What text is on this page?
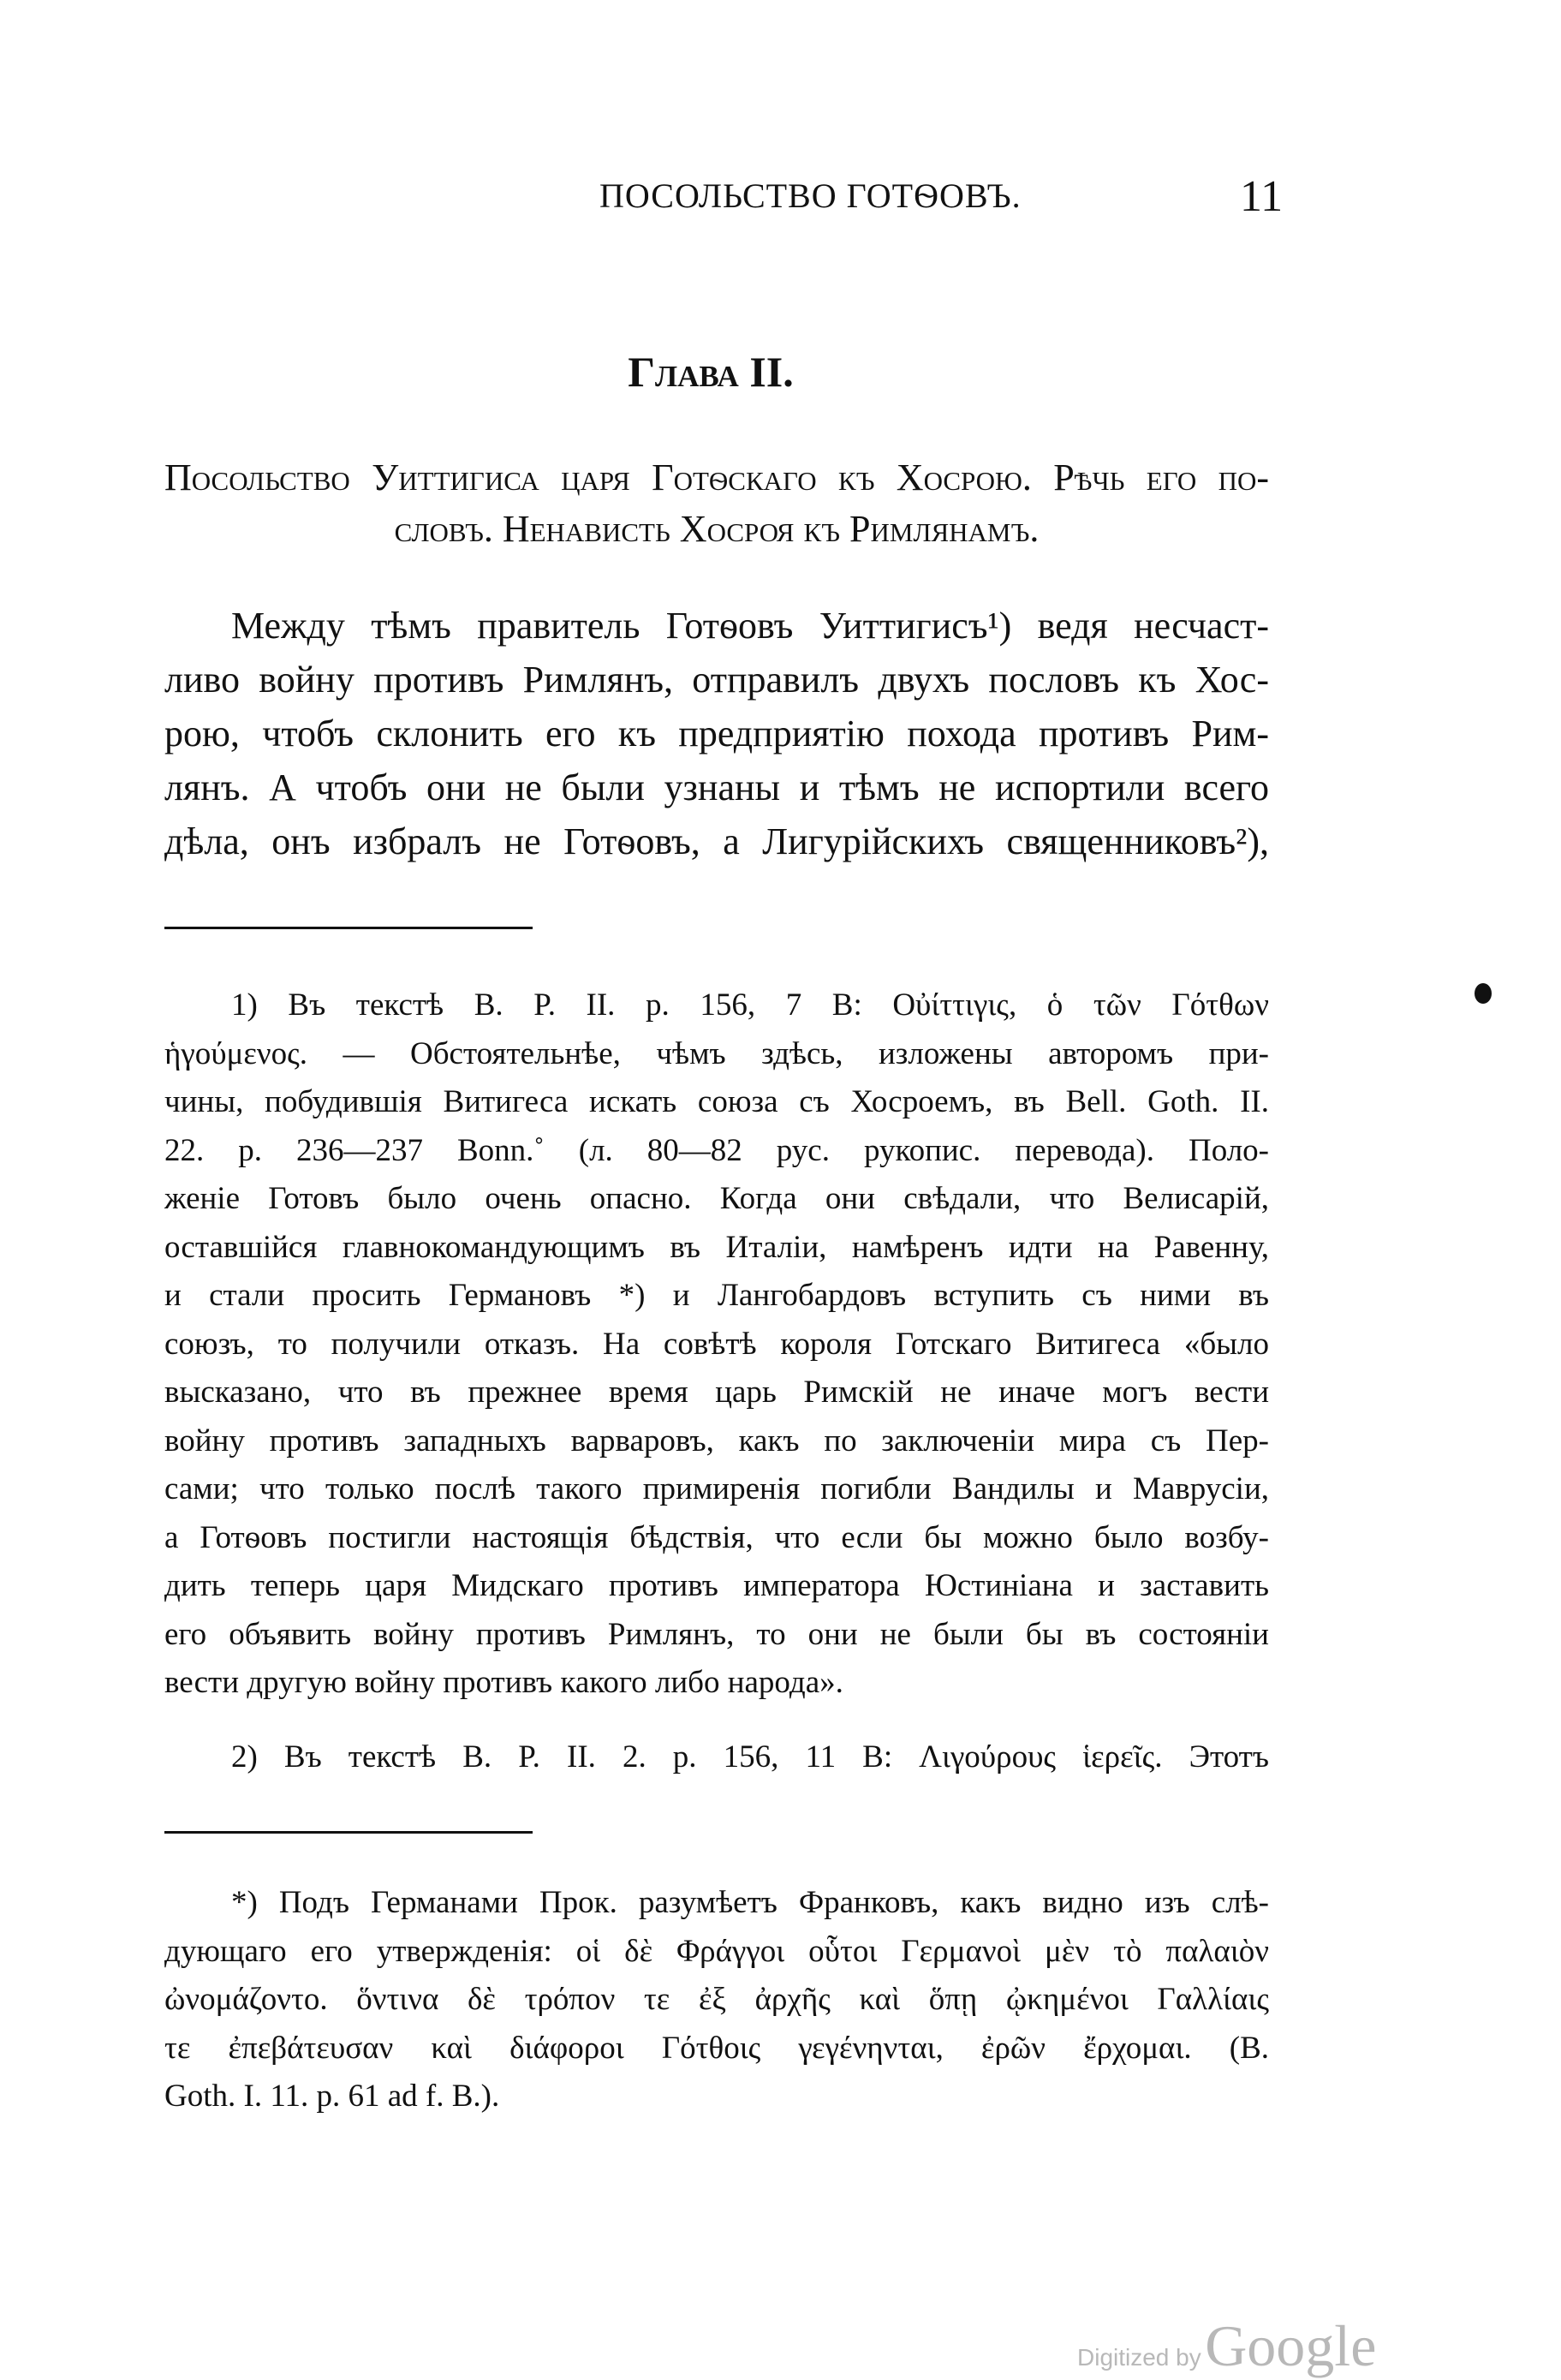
ПОСОЛЬСТВО ГОТѲОВЪ.	11
Глава II.
Посольство Уиттигиса царя Готѳскаго къ Хосрою. Рѣчь его по-
словъ. Ненависть Хосроя къ Римлянамъ.
Между тѣмъ правитель Готѳовъ Уиттигисъ¹) ведя несчаст-
ливо войну противъ Римлянъ, отправилъ двухъ пословъ къ Хос-
рою, чтобъ склонить его къ предприятію похода противъ Рим-
лянъ. А чтобъ они не были узнаны и тѣмъ не испортили всего
дѣла, онъ избралъ не Готѳовъ, а Лигурійскихъ священниковъ²),
1) Въ текстѣ B. P. II. p. 156, 7 B: Οὐίττιγις, ὁ τῶν Γότθων
ἡγούμενος. — Обстоятельнѣе, чѣмъ здѣсь, изложены авторомъ при-
чины, побудившія Витигеса искать союза съ Хосроемъ, въ Bell. Goth. II.
22. p. 236—237 Bonn.˚ (л. 80—82 рус. рукопис. перевода). Поло-
женіе Готовъ было очень опасно. Когда они свѣдали, что Велисарій,
оставшійся главнокомандующимъ въ Италіи, намѣренъ идти на Равенну,
и стали просить Германовъ *) и Лангобардовъ вступить съ ними въ
союзъ, то получили отказъ. На совѣтѣ короля Готскаго Витигеса «было
высказано, что въ прежнее время царь Римскій не иначе могъ вести
войну противъ западныхъ варваровъ, какъ по заключеніи мира съ Пер-
сами; что только послѣ такого примиренія погибли Вандилы и Маврусіи,
а Готѳовъ постигли настоящія бѣдствія, что если бы можно было возбу-
дить теперь царя Мидскаго противъ императора Юстиніана и заставить
его объявить войну противъ Римлянъ, то они не были бы въ состояніи
вести другую войну противъ какого либо народа».
2) Въ текстѣ B. P. II. 2. p. 156, 11 B: Λιγούρους ἱερεῖς. Этотъ
*) Подъ Германами Прок. разумѣетъ Франковъ, какъ видно изъ слѣ-
дующаго его утвержденія: οἱ δὲ Φράγγοι οὗτοι Γερμανοὶ μὲν τὸ παλαιὸν
ὠνομάζοντο. ὅντινα δὲ τρόπον τε ἐξ ἀρχῆς καὶ ὅπῃ ᾠκημένοι Γαλλίαις
τε ἐπεβάτευσαν καὶ διάφοροι Γότθοις γεγένηνται, ἐρῶν ἔρχομαι. (B.
Goth. I. 11. p. 61 ad f. B.).
Digitized by Google
